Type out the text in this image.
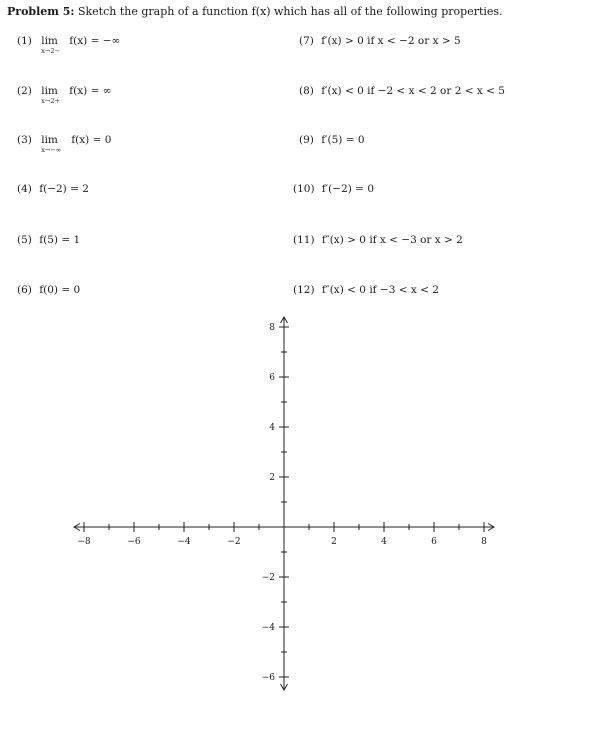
Problem 5: Sketch the graph of a function f(x) which has all of the following properties.
(1) lim
x→2−
f(x) = −∞
(2) lim
x→2+
f(x) = ∞
(3) lim
x→−∞
f(x) = 0
(4) f(−2) = 2
(5) f(5) = 1
(6) f(0) = 0
(7) f′(x) > 0 if x < −2 or x > 5
(8) f′(x) < 0 if −2 < x < 2 or 2 < x < 5
(9) f′(5) = 0
(10) f′(−2) = 0
(11) f″(x) > 0 if x < −3 or x > 2
(12) f″(x) < 0 if −3 < x < 2
−8	−6	−4	−2	2	4	6	8
8
6
4
2
−2
−4
−6
